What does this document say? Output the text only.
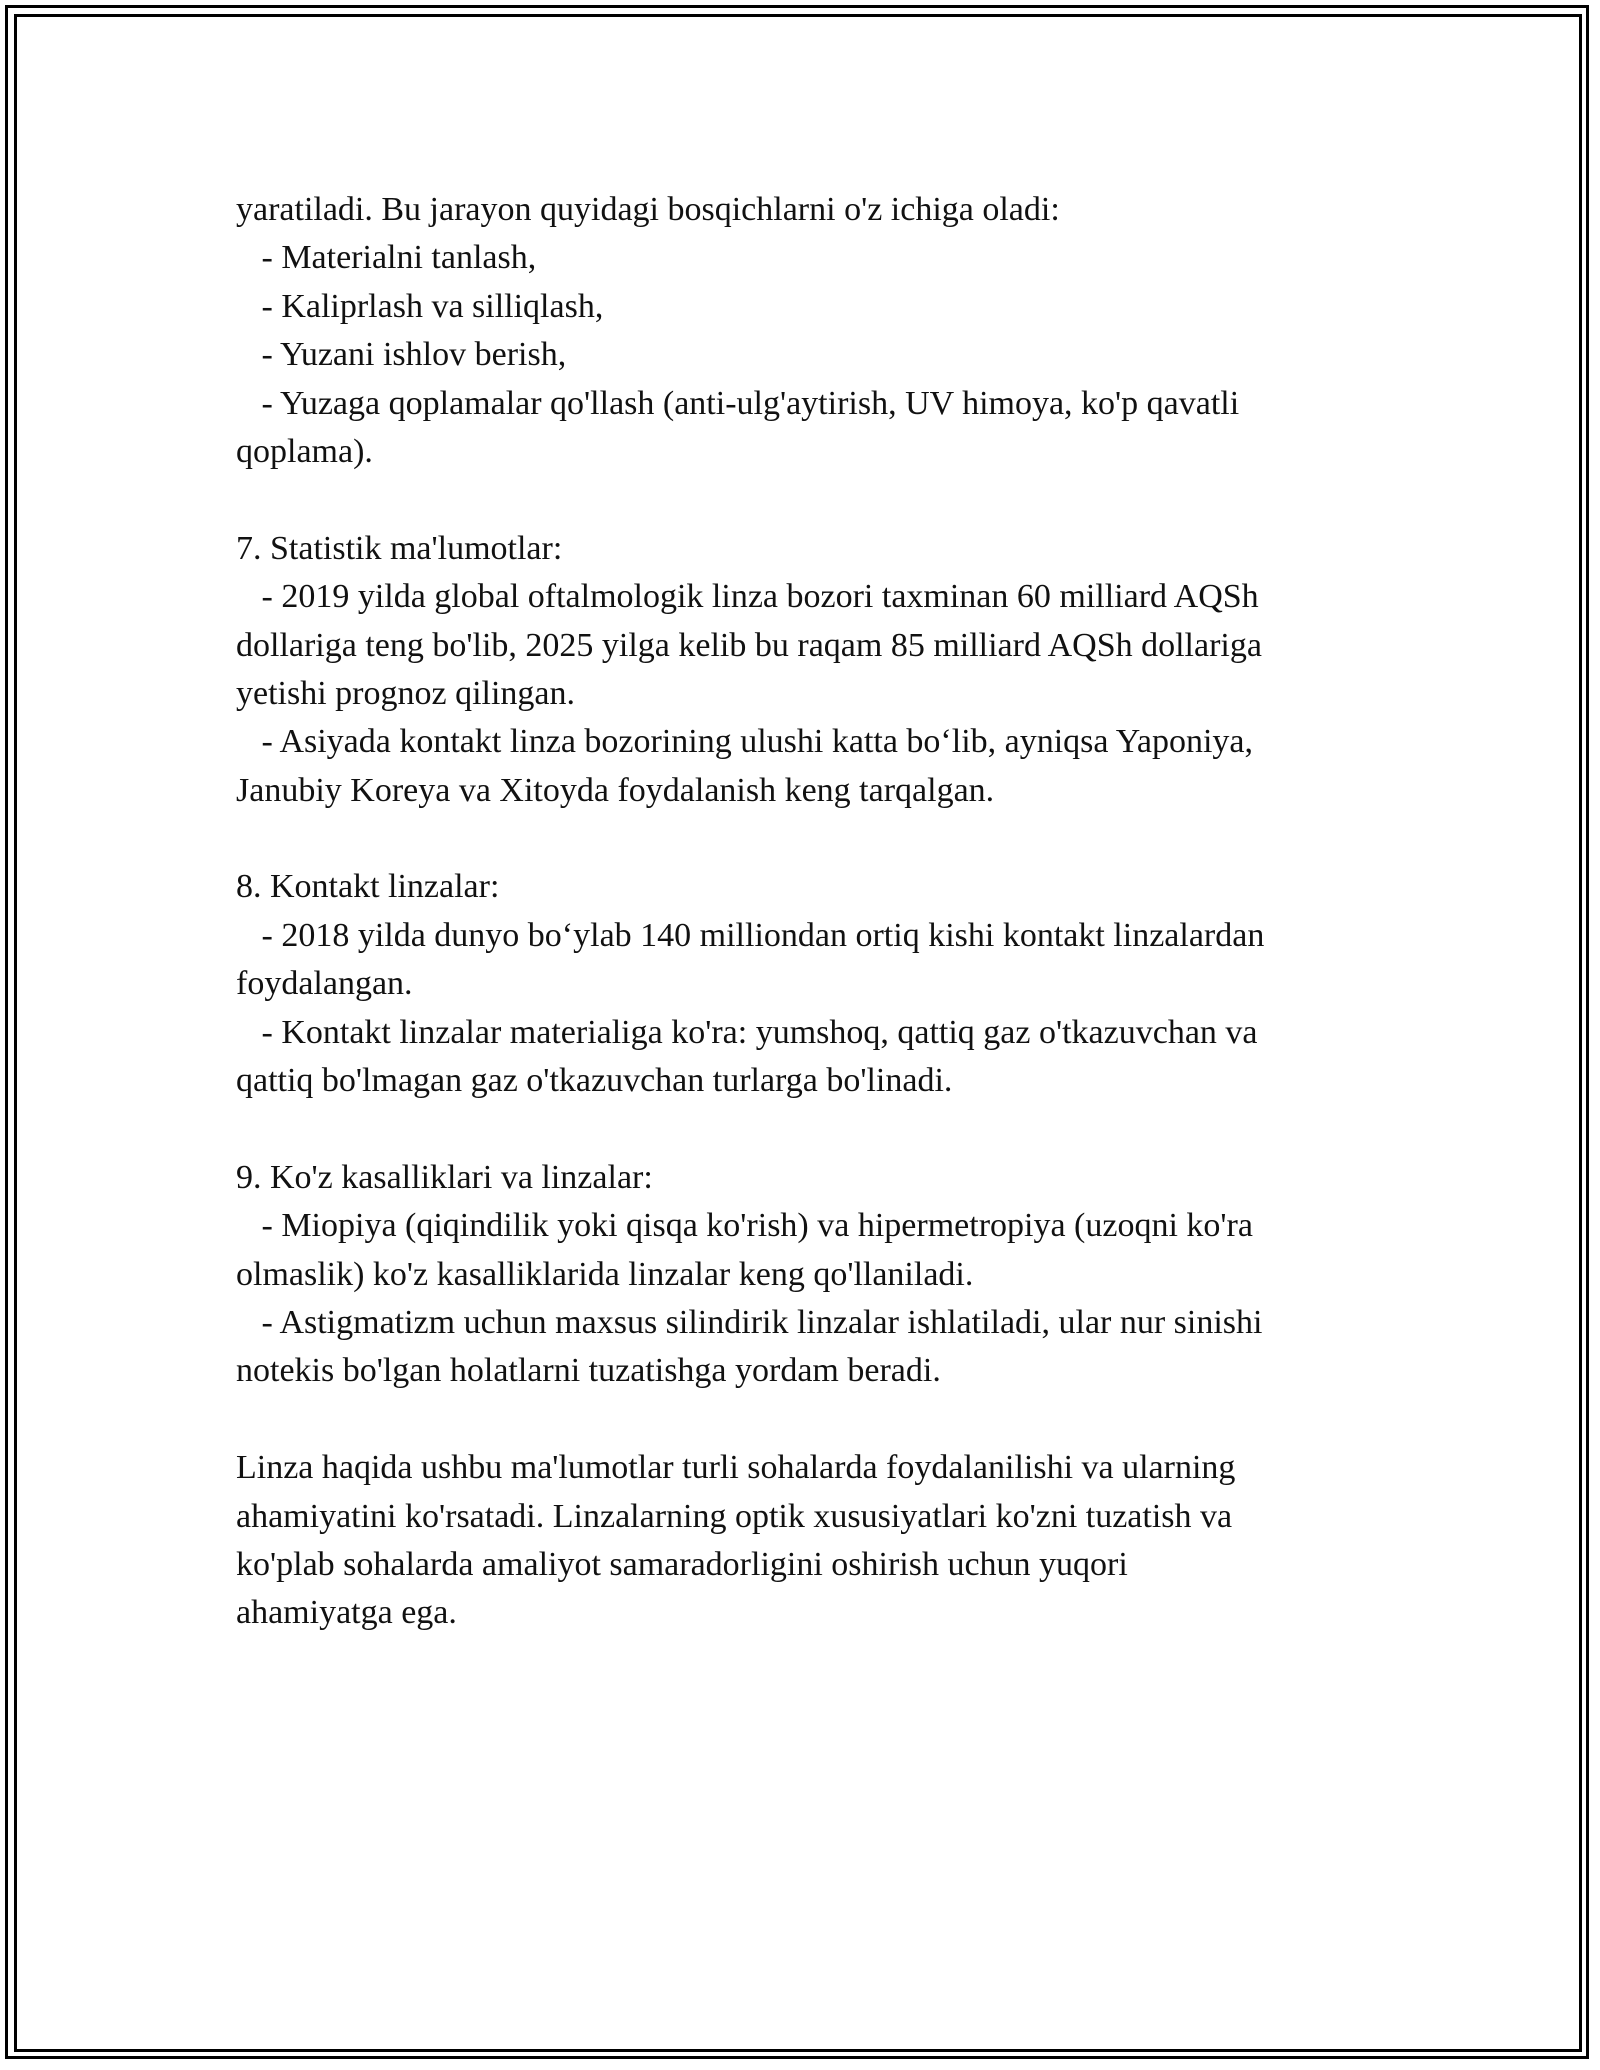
yaratiladi. Bu jarayon quyidagi bosqichlarni o'z ichiga oladi:
- Materialni tanlash,
- Kaliprlash va silliqlash,
- Yuzani ishlov berish,
- Yuzaga qoplamalar qo'llash (anti-ulg'aytirish, UV himoya, ko'p qavatli
qoplama).
7. Statistik ma'lumotlar:
- 2019 yilda global oftalmologik linza bozori taxminan 60 milliard AQSh
dollariga teng bo'lib, 2025 yilga kelib bu raqam 85 milliard AQSh dollariga
yetishi prognoz qilingan.
- Asiyada kontakt linza bozorining ulushi katta bo‘lib, ayniqsa Yaponiya,
Janubiy Koreya va Xitoyda foydalanish keng tarqalgan.
8. Kontakt linzalar:
- 2018 yilda dunyo bo‘ylab 140 milliondan ortiq kishi kontakt linzalardan
foydalangan.
- Kontakt linzalar materialiga ko'ra: yumshoq, qattiq gaz o'tkazuvchan va
qattiq bo'lmagan gaz o'tkazuvchan turlarga bo'linadi.
9. Ko'z kasalliklari va linzalar:
- Miopiya (qiqindilik yoki qisqa ko'rish) va hipermetropiya (uzoqni ko'ra
olmaslik) ko'z kasalliklarida linzalar keng qo'llaniladi.
- Astigmatizm uchun maxsus silindirik linzalar ishlatiladi, ular nur sinishi
notekis bo'lgan holatlarni tuzatishga yordam beradi.
Linza haqida ushbu ma'lumotlar turli sohalarda foydalanilishi va ularning
ahamiyatini ko'rsatadi. Linzalarning optik xususiyatlari ko'zni tuzatish va
ko'plab sohalarda amaliyot samaradorligini oshirish uchun yuqori
ahamiyatga ega.
